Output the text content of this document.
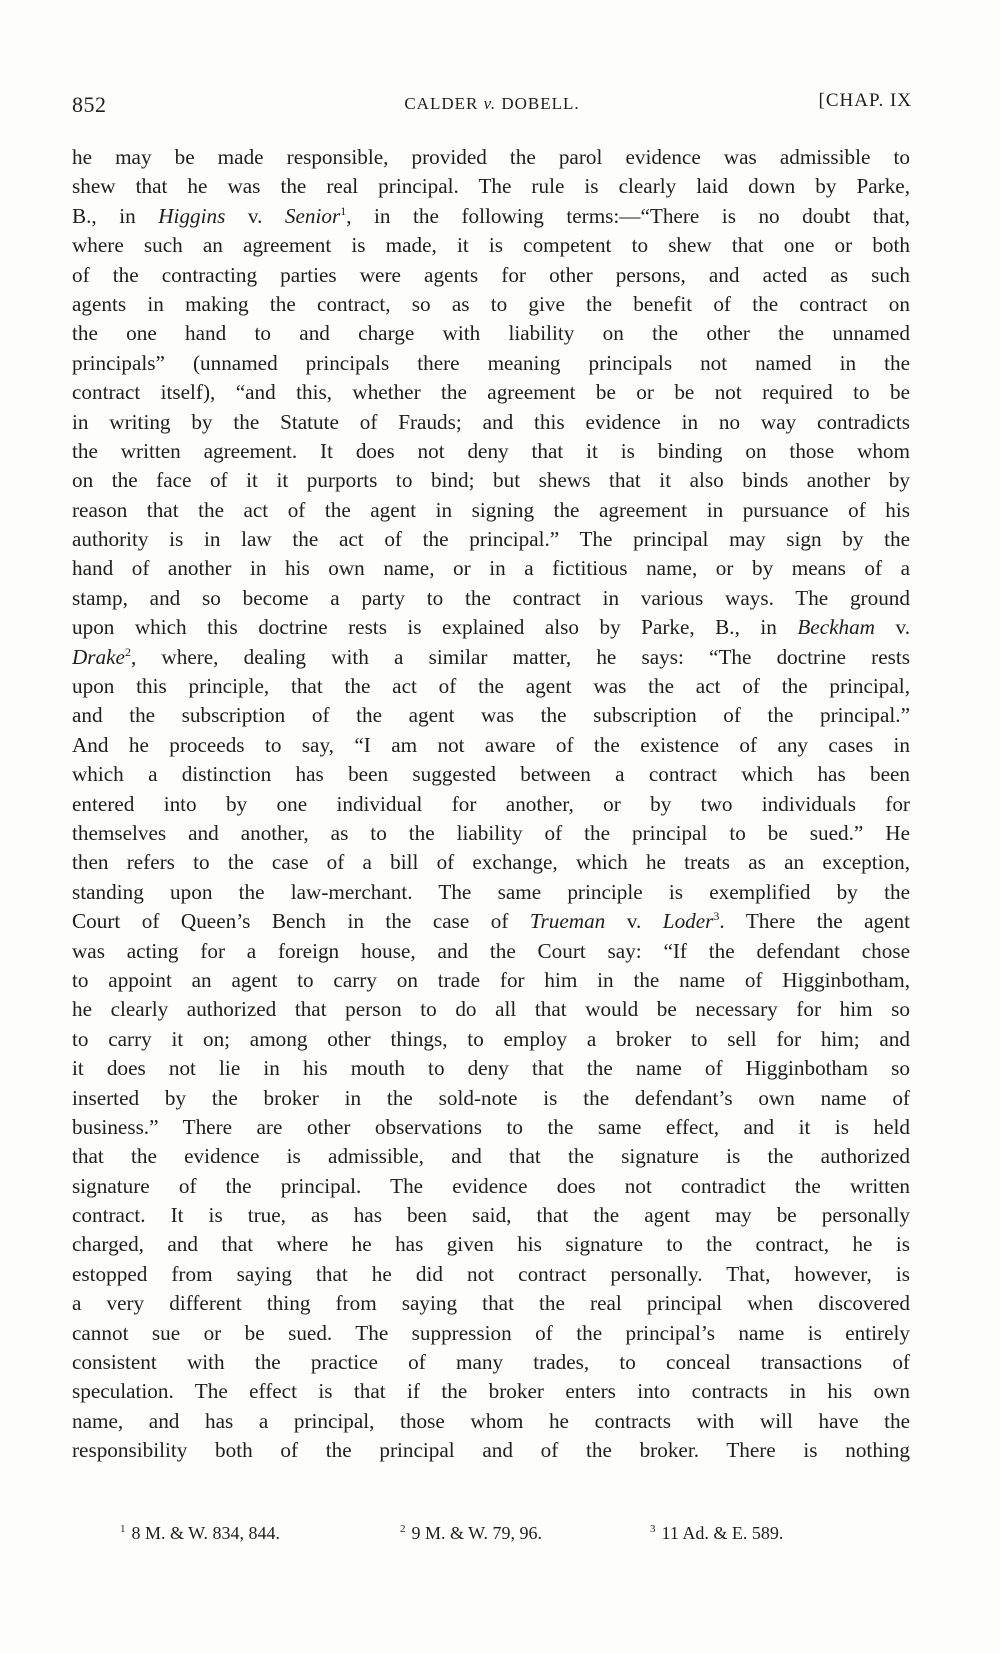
852	CALDER v. DOBELL.	[CHAP. IX
he may be made responsible, provided the parol evidence was admissible to
shew that he was the real principal. The rule is clearly laid down by Parke,
B., in Higgins v. Senior$^1$, in the following terms:—“There is no doubt that,
where such an agreement is made, it is competent to shew that one or both
of the contracting parties were agents for other persons, and acted as such
agents in making the contract, so as to give the benefit of the contract on
the one hand to and charge with liability on the other the unnamed
principals” (unnamed principals there meaning principals not named in the
contract itself), “and this, whether the agreement be or be not required to be
in writing by the Statute of Frauds; and this evidence in no way contradicts
the written agreement. It does not deny that it is binding on those whom
on the face of it it purports to bind; but shews that it also binds another by
reason that the act of the agent in signing the agreement in pursuance of his
authority is in law the act of the principal.” The principal may sign by the
hand of another in his own name, or in a fictitious name, or by means of a
stamp, and so become a party to the contract in various ways. The ground
upon which this doctrine rests is explained also by Parke, B., in Beckham v.
Drake$^2$, where, dealing with a similar matter, he says: “The doctrine rests
upon this principle, that the act of the agent was the act of the principal,
and the subscription of the agent was the subscription of the principal.”
And he proceeds to say, “I am not aware of the existence of any cases in
which a distinction has been suggested between a contract which has been
entered into by one individual for another, or by two individuals for
themselves and another, as to the liability of the principal to be sued.” He
then refers to the case of a bill of exchange, which he treats as an exception,
standing upon the law-merchant. The same principle is exemplified by the
Court of Queen’s Bench in the case of Trueman v. Loder$^3$. There the agent
was acting for a foreign house, and the Court say: “If the defendant chose
to appoint an agent to carry on trade for him in the name of Higginbotham,
he clearly authorized that person to do all that would be necessary for him so
to carry it on; among other things, to employ a broker to sell for him; and
it does not lie in his mouth to deny that the name of Higginbotham so
inserted by the broker in the sold-note is the defendant’s own name of
business.” There are other observations to the same effect, and it is held
that the evidence is admissible, and that the signature is the authorized
signature of the principal. The evidence does not contradict the written
contract. It is true, as has been said, that the agent may be personally
charged, and that where he has given his signature to the contract, he is
estopped from saying that he did not contract personally. That, however, is
a very different thing from saying that the real principal when discovered
cannot sue or be sued. The suppression of the principal’s name is entirely
consistent with the practice of many trades, to conceal transactions of
speculation. The effect is that if the broker enters into contracts in his own
name, and has a principal, those whom he contracts with will have the
responsibility both of the principal and of the broker. There is nothing
$^1$ 8 M. & W. 834, 844.	$^2$ 9 M. & W. 79, 96.	$^3$ 11 Ad. & E. 589.
